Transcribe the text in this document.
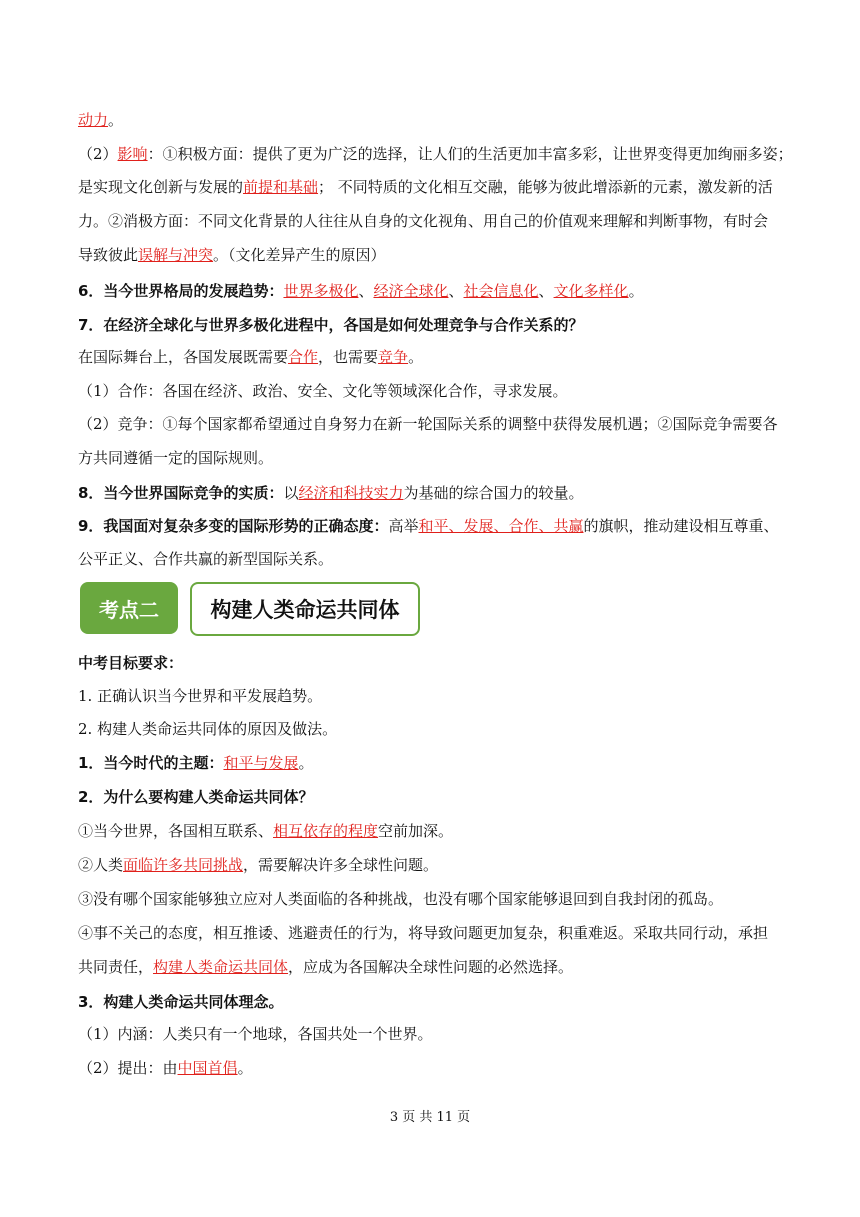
动力。
（2）影响：①积极方面：提供了更为广泛的选择，让人们的生活更加丰富多彩，让世界变得更加绚丽多姿；
是实现文化创新与发展的前提和基础； 不同特质的文化相互交融，能够为彼此增添新的元素，激发新的活
力。②消极方面：不同文化背景的人往往从自身的文化视角、用自己的价值观来理解和判断事物，有时会
导致彼此误解与冲突。（文化差异产生的原因）
6．当今世界格局的发展趋势：世界多极化、经济全球化、社会信息化、文化多样化。
7．在经济全球化与世界多极化进程中，各国是如何处理竞争与合作关系的？
在国际舞台上，各国发展既需要合作，也需要竞争。
（1）合作：各国在经济、政治、安全、文化等领域深化合作，寻求发展。
（2）竞争：①每个国家都希望通过自身努力在新一轮国际关系的调整中获得发展机遇；②国际竞争需要各
方共同遵循一定的国际规则。
8．当今世界国际竞争的实质：以经济和科技实力为基础的综合国力的较量。
9．我国面对复杂多变的国际形势的正确态度：高举和平、发展、合作、共赢的旗帜，推动建设相互尊重、
公平正义、合作共赢的新型国际关系。
考点二	构建人类命运共同体
中考目标要求：
1. 正确认识当今世界和平发展趋势。
2. 构建人类命运共同体的原因及做法。
1．当今时代的主题：和平与发展。
2．为什么要构建人类命运共同体？
①当今世界，各国相互联系、相互依存的程度空前加深。
②人类面临许多共同挑战，需要解决许多全球性问题。
③没有哪个国家能够独立应对人类面临的各种挑战，也没有哪个国家能够退回到自我封闭的孤岛。
④事不关己的态度，相互推诿、逃避责任的行为，将导致问题更加复杂，积重难返。采取共同行动，承担
共同责任，构建人类命运共同体，应成为各国解决全球性问题的必然选择。
3．构建人类命运共同体理念。
（1）内涵：人类只有一个地球，各国共处一个世界。
（2）提出：由中国首倡。
3 页 共 11 页
